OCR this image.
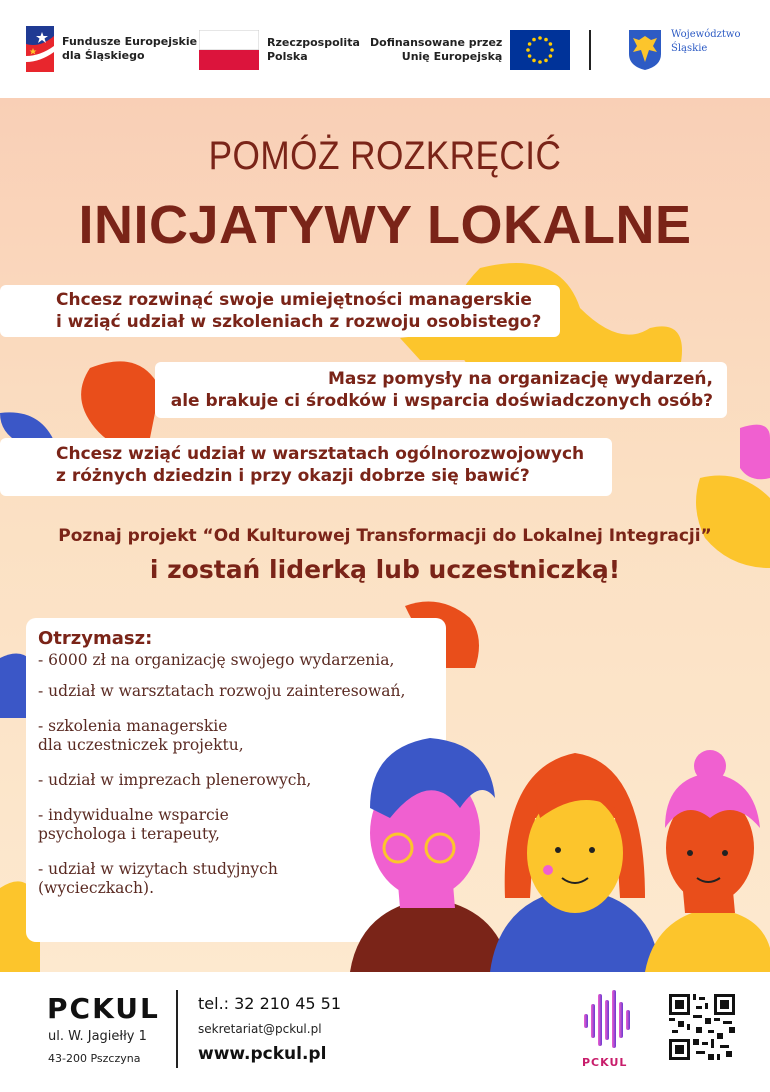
Fundusze Europejskie
dla Śląskiego
Rzeczpospolita
Polska
Dofinansowane przez
Unię Europejską
Województwo
Śląskie
POMÓŻ ROZKRĘCIĆ
INICJATYWY LOKALNE
Chcesz rozwinąć swoje umiejętności managerskie
i wziąć udział w szkoleniach z rozwoju osobistego?
Masz pomysły na organizację wydarzeń,
ale brakuje ci środków i wsparcia doświadczonych osób?
Chcesz wziąć udział w warsztatach ogólnorozwojowych
z różnych dziedzin i przy okazji dobrze się bawić?
Poznaj projekt “Od Kulturowej Transformacji do Lokalnej Integracji”
i zostań liderką lub uczestniczką!
Otrzymasz:
- 6000 zł na organizację swojego wydarzenia,
- udział w warsztatach rozwoju zainteresowań,
- szkolenia managerskie
dla uczestniczek projektu,
- udział w imprezach plenerowych,
- indywidualne wsparcie
psychologa i terapeuty,
- udział w wizytach studyjnych
(wycieczkach).
PCKUL
ul. W. Jagiełły 1
43-200 Pszczyna
tel.: 32 210 45 51
sekretariat@pckul.pl
www.pckul.pl	PCKUL
